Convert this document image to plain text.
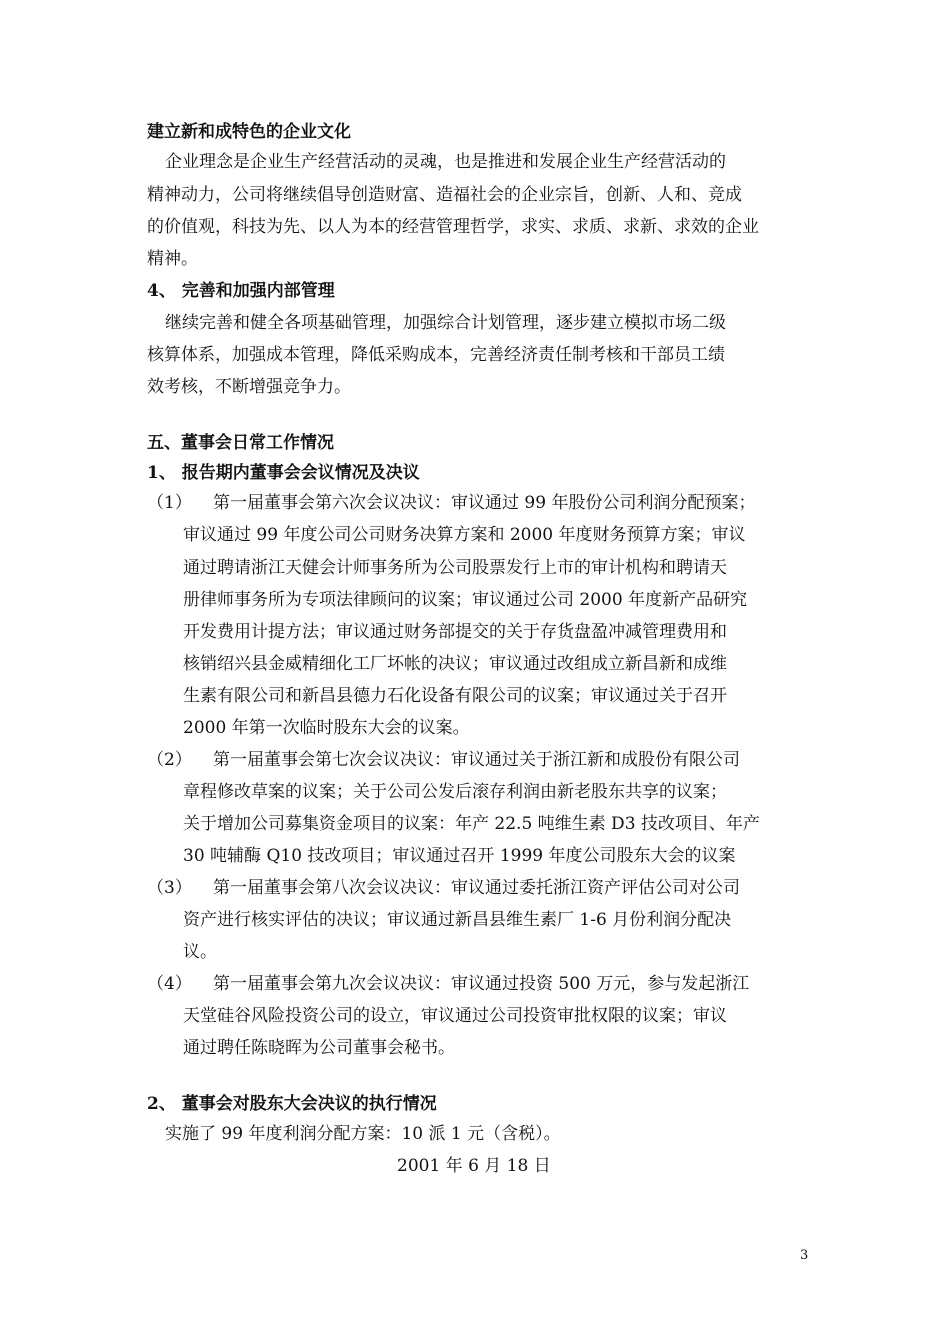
建立新和成特色的企业文化
企业理念是企业生产经营活动的灵魂，也是推进和发展企业生产经营活动的
精神动力，公司将继续倡导创造财富、造福社会的企业宗旨，创新、人和、竞成
的价值观，科技为先、以人为本的经营管理哲学，求实、求质、求新、求效的企业
精神。
4、 完善和加强内部管理
继续完善和健全各项基础管理，加强综合计划管理，逐步建立模拟市场二级
核算体系，加强成本管理，降低采购成本，完善经济责任制考核和干部员工绩
效考核，不断增强竞争力。
五、董事会日常工作情况
1、 报告期内董事会会议情况及决议
（1） 第一届董事会第六次会议决议：审议通过 99 年股份公司利润分配预案；
审议通过 99 年度公司公司财务决算方案和 2000 年度财务预算方案；审议
通过聘请浙江天健会计师事务所为公司股票发行上市的审计机构和聘请天
册律师事务所为专项法律顾问的议案；审议通过公司 2000 年度新产品研究
开发费用计提方法；审议通过财务部提交的关于存货盘盈冲减管理费用和
核销绍兴县金威精细化工厂坏帐的决议；审议通过改组成立新昌新和成维
生素有限公司和新昌县德力石化设备有限公司的议案；审议通过关于召开
2000 年第一次临时股东大会的议案。
（2） 第一届董事会第七次会议决议：审议通过关于浙江新和成股份有限公司
章程修改草案的议案；关于公司公发后滚存利润由新老股东共享的议案；
关于增加公司募集资金项目的议案：年产 22.5 吨维生素 D3 技改项目、年产
30 吨辅酶 Q10 技改项目；审议通过召开 1999 年度公司股东大会的议案
（3） 第一届董事会第八次会议决议：审议通过委托浙江资产评估公司对公司
资产进行核实评估的决议；审议通过新昌县维生素厂 1-6 月份利润分配决
议。
（4） 第一届董事会第九次会议决议：审议通过投资 500 万元，参与发起浙江
天堂硅谷风险投资公司的设立，审议通过公司投资审批权限的议案；审议
通过聘任陈晓晖为公司董事会秘书。
2、 董事会对股东大会决议的执行情况
实施了 99 年度利润分配方案：10 派 1 元（含税）。
2001 年 6 月 18 日
3
